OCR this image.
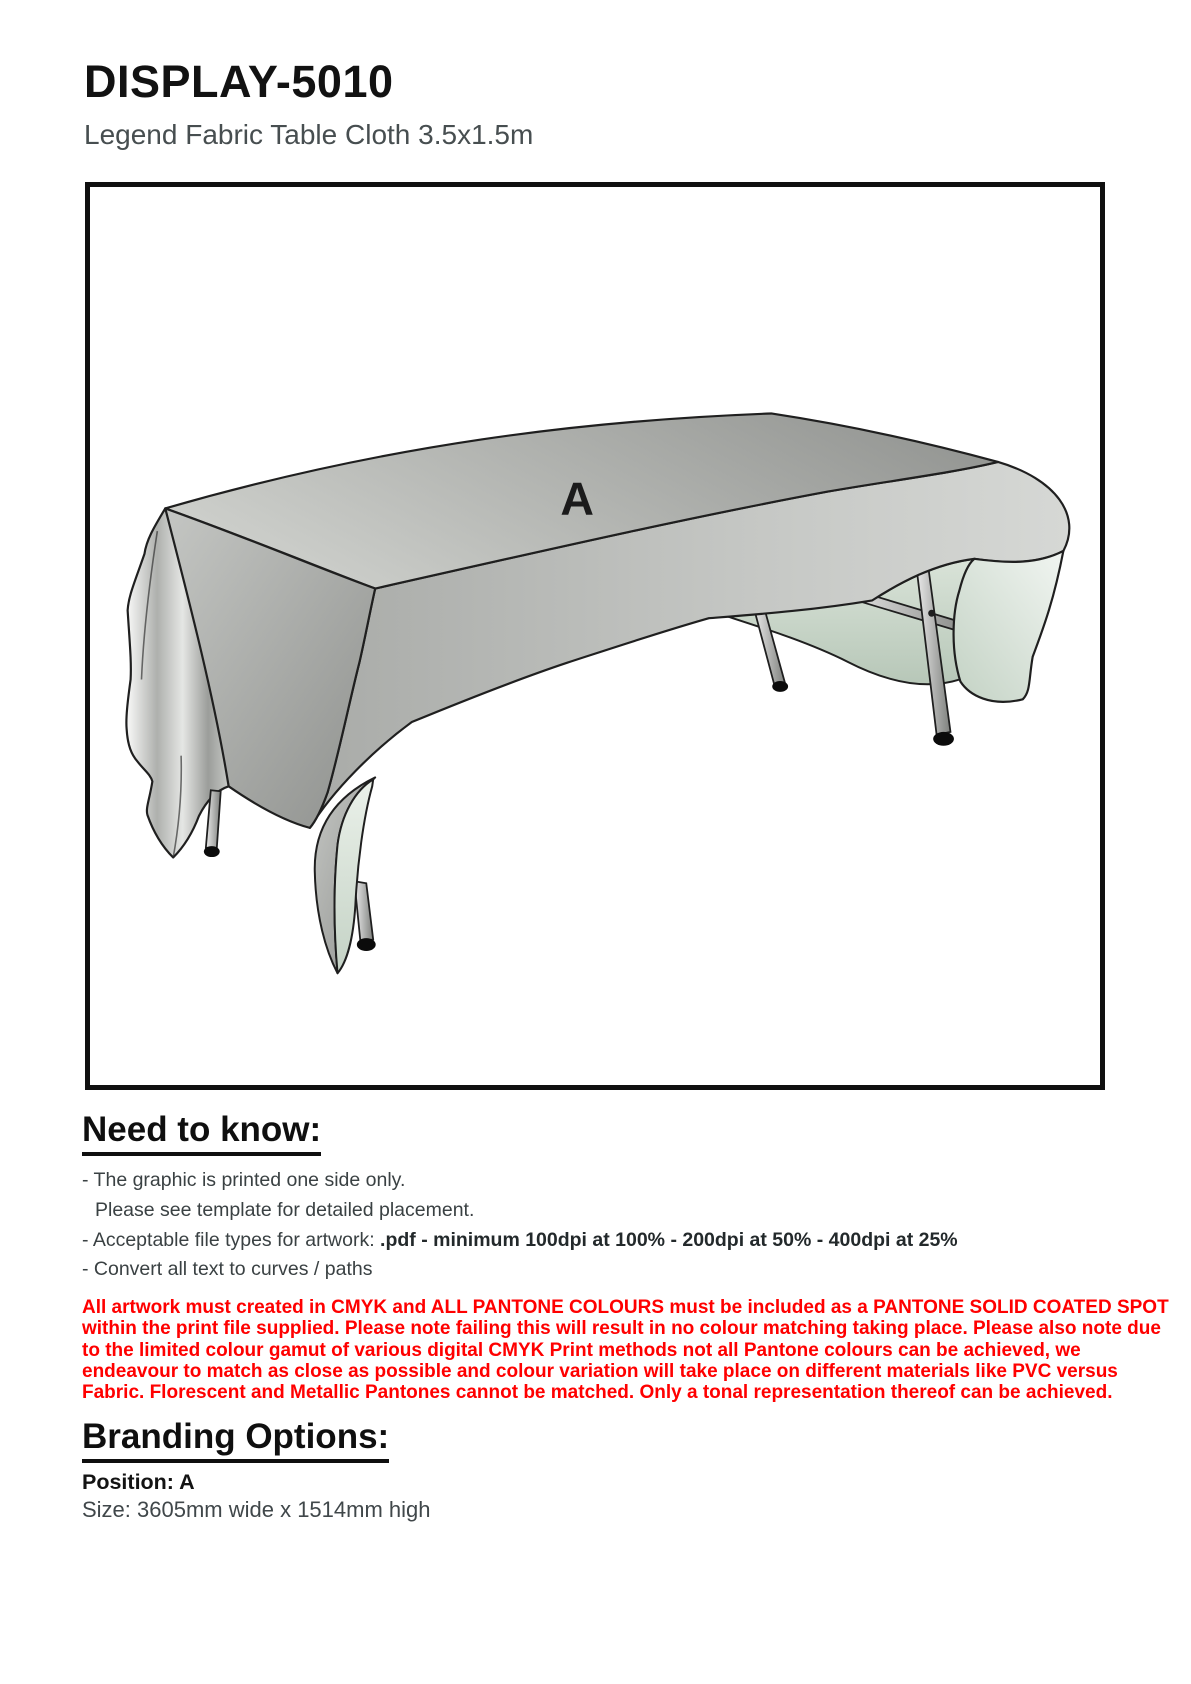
DISPLAY-5010
Legend Fabric Table Cloth 3.5x1.5m
A
Need to know:
- The graphic is printed one side only.
Please see template for detailed placement.
- Acceptable file types for artwork: .pdf - minimum 100dpi at 100% - 200dpi at 50% - 400dpi at 25%
- Convert all text to curves / paths
All artwork must created in CMYK and ALL PANTONE COLOURS must be included as a PANTONE SOLID COATED SPOT
within the print file supplied. Please note failing this will result in no colour matching taking place. Please also note due
to the limited colour gamut of various digital CMYK Print methods not all Pantone colours can be achieved, we
endeavour to match as close as possible and colour variation will take place on different materials like PVC versus
Fabric. Florescent and Metallic Pantones cannot be matched. Only a tonal representation thereof can be achieved.
Branding Options:
Position: A
Size: 3605mm wide x 1514mm high
